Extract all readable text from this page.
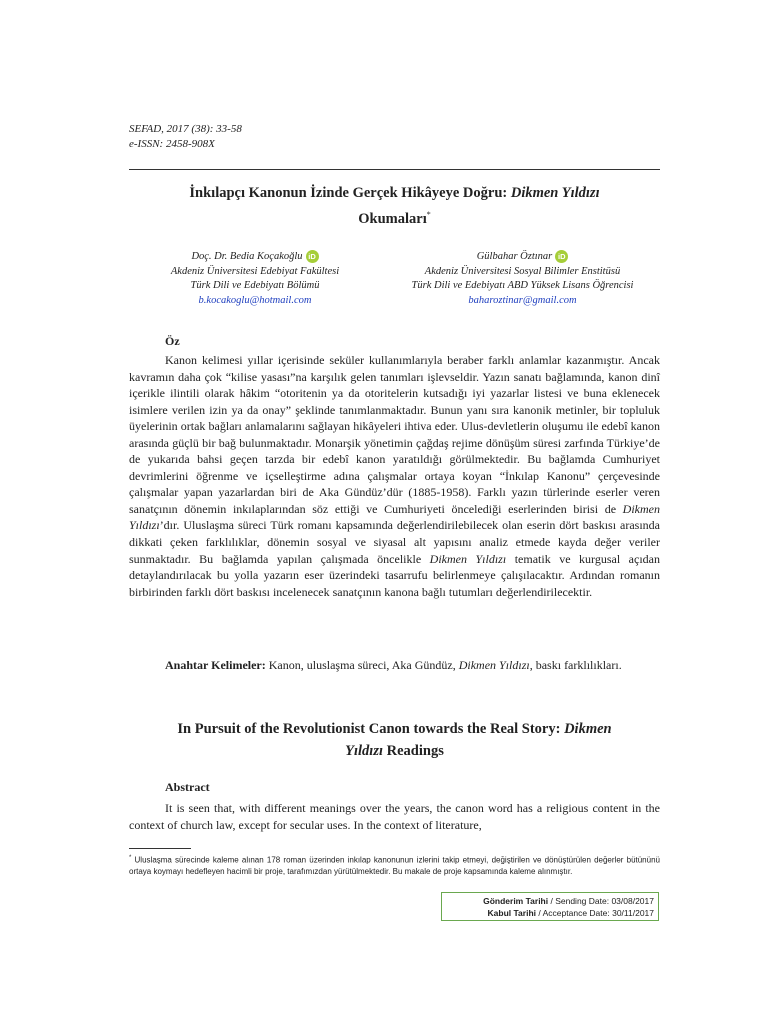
SEFAD, 2017 (38): 33-58
e-ISSN: 2458-908X
İnkılapçı Kanonun İzinde Gerçek Hikâyeye Doğru: Dikmen Yıldızı
Okumaları*
Doç. Dr. Bedia Koçakoğlu iD
Akdeniz Üniversitesi Edebiyat Fakültesi
Türk Dili ve Edebiyatı Bölümü
b.kocakoglu@hotmail.com
Gülbahar Öztınar iD
Akdeniz Üniversitesi Sosyal Bilimler Enstitüsü
Türk Dili ve Edebiyatı ABD Yüksek Lisans Öğrencisi
baharoztinar@gmail.com
Öz
Kanon kelimesi yıllar içerisinde seküler kullanımlarıyla beraber farklı anlamlar kazanmıştır. Ancak kavramın daha çok “kilise yasası”na karşılık gelen tanımları işlevseldir. Yazın sanatı bağlamında, kanon dinî içerikle ilintili olarak hâkim “otoritenin ya da otoritelerin kutsadığı iyi yazarlar listesi ve buna eklenecek isimlere verilen izin ya da onay” şeklinde tanımlanmaktadır. Bunun yanı sıra kanonik metinler, bir topluluk üyelerinin ortak bağları anlamalarını sağlayan hikâyeleri ihtiva eder. Ulus-devletlerin oluşumu ile edebî kanon arasında güçlü bir bağ bulunmaktadır. Monarşik yönetimin çağdaş rejime dönüşüm süresi zarfında Türkiye’de de yukarıda bahsi geçen tarzda bir edebî kanon yaratıldığı görülmektedir. Bu bağlamda Cumhuriyet devrimlerini öğrenme ve içselleştirme adına çalışmalar ortaya koyan “İnkılap Kanonu” çerçevesinde çalışmalar yapan yazarlardan biri de Aka Gündüz’dür (1885-1958). Farklı yazın türlerinde eserler veren sanatçının dönemin inkılaplarından söz ettiği ve Cumhuriyeti öncelediği eserlerinden birisi de Dikmen Yıldızı’dır. Uluslaşma süreci Türk romanı kapsamında değerlendirilebilecek olan eserin dört baskısı arasında dikkati çeken farklılıklar, dönemin sosyal ve siyasal alt yapısını analiz etmede kayda değer veriler sunmaktadır. Bu bağlamda yapılan çalışmada öncelikle Dikmen Yıldızı tematik ve kurgusal açıdan detaylandırılacak bu yolla yazarın eser üzerindeki tasarrufu belirlenmeye çalışılacaktır. Ardından romanın birbirinden farklı dört baskısı incelenecek sanatçının kanona bağlı tutumları değerlendirilecektir.
Anahtar Kelimeler: Kanon, uluslaşma süreci, Aka Gündüz, Dikmen Yıldızı, baskı farklılıkları.
In Pursuit of the Revolutionist Canon towards the Real Story: Dikmen
Yıldızı Readings
Abstract
It is seen that, with different meanings over the years, the canon word has a religious content in the context of church law, except for secular uses. In the context of literature,
* Uluslaşma sürecinde kaleme alınan 178 roman üzerinden inkılap kanonunun izlerini takip etmeyi, değiştirilen ve dönüştürülen değerler bütününü ortaya koymayı hedefleyen hacimli bir proje, tarafımızdan yürütülmektedir. Bu makale de proje kapsamında kaleme alınmıştır.
Gönderim Tarihi / Sending Date: 03/08/2017
Kabul Tarihi / Acceptance Date: 30/11/2017
